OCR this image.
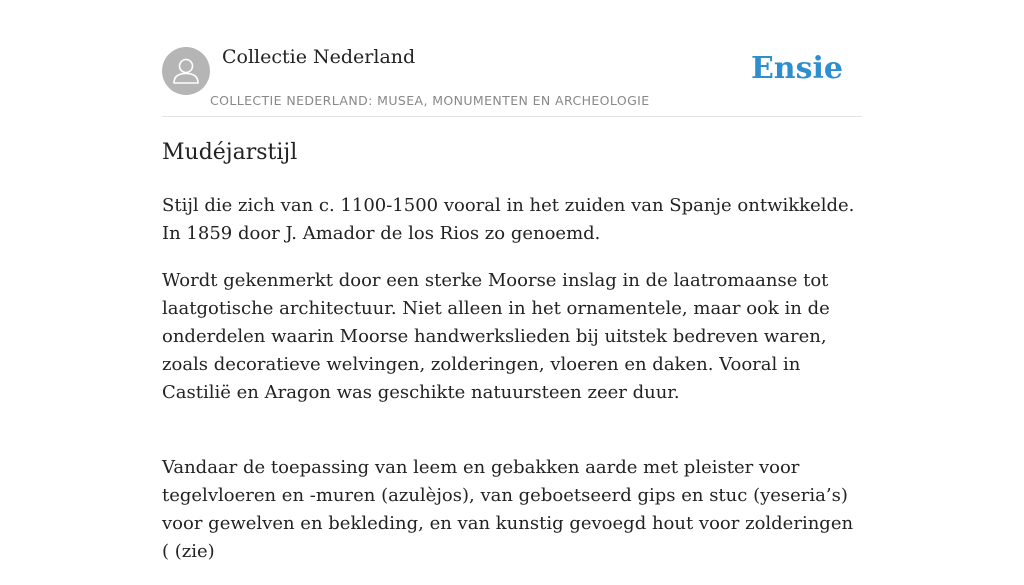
Collectie Nederland
COLLECTIE NEDERLAND: MUSEA, MONUMENTEN EN ARCHEOLOGIE
Ensie
Mudéjarstijl

Stijl die zich van c. 1100-1500 vooral in het zuiden van Spanje ontwikkelde. In 1859 door J. Amador de los Rios zo genoemd.

Wordt gekenmerkt door een sterke Moorse inslag in de laatromaanse tot laatgotische architectuur. Niet alleen in het ornamentele, maar ook in de onderdelen waarin Moorse handwerkslieden bij uitstek bedreven waren, zoals decoratieve welvingen, zolderingen, vloeren en daken. Vooral in Castilië en Aragon was geschikte natuursteen zeer duur.

Vandaar de toepassing van leem en gebakken aarde met pleister voor tegelvloeren en -muren (azulèjos), van geboetseerd gips en stuc (yeseria’s) voor gewelven en bekleding, en van kunstig gevoegd hout voor zolderingen ( (zie)
